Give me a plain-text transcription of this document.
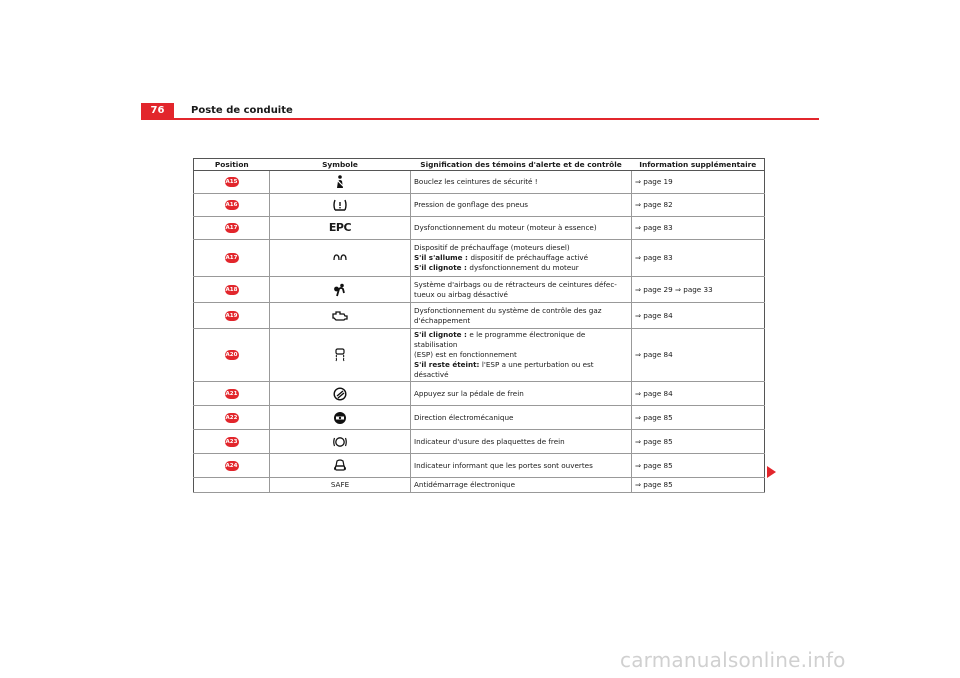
76	Poste de conduite
Position	Symbole	Signification des témoins d'alerte et de contrôle	Information supplémentaire
A15		Bouclez les ceintures de sécurité !	⇒ page 19
A16		Pression de gonflage des pneus	⇒ page 82
A17	EPC	Dysfonctionnement du moteur (moteur à essence)	⇒ page 83
A17		Dispositif de préchauffage (moteurs diesel)
S'il s'allume : dispositif de préchauffage activé
S'il clignote : dysfonctionnement du moteur	⇒ page 83
A18		Système d'airbags ou de rétracteurs de ceintures défec-
tueux ou airbag désactivé	⇒ page 29 ⇒ page 33
A19		Dysfonctionnement du système de contrôle des gaz
d'échappement	⇒ page 84
A20		S'il clignote : e le programme électronique de stabilisation
(ESP) est en fonctionnement
S'il reste éteint: l'ESP a une perturbation ou est désactivé	⇒ page 84
A21		Appuyez sur la pédale de frein	⇒ page 84
A22		Direction électromécanique	⇒ page 85
A23		Indicateur d'usure des plaquettes de frein	⇒ page 85
A24		Indicateur informant que les portes sont ouvertes	⇒ page 85
	SAFE	Antidémarrage électronique	⇒ page 85
carmanualsonline.info
